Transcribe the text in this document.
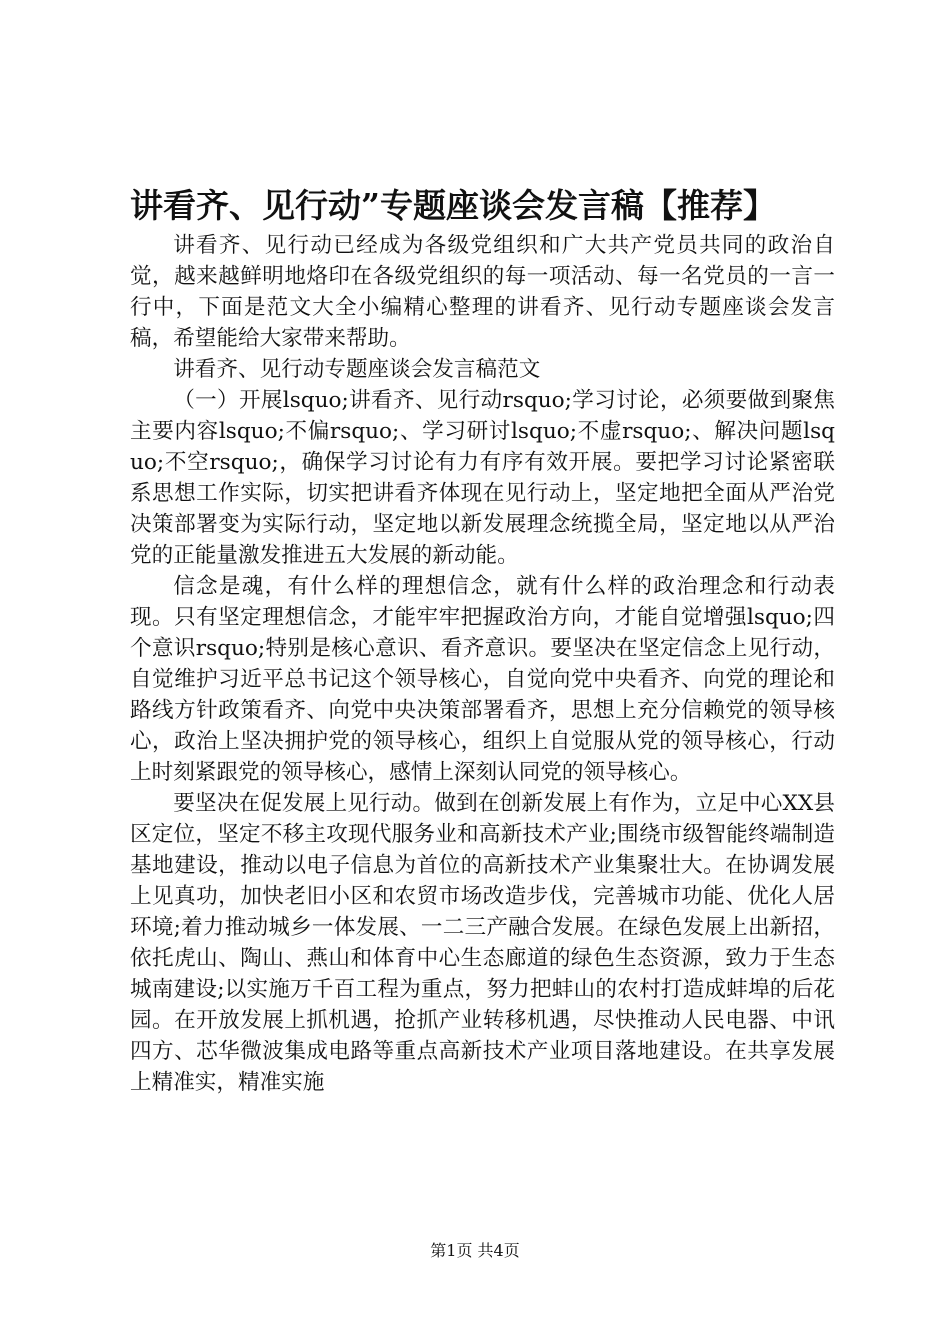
讲看齐、见行动”专题座谈会发言稿【推荐】

讲看齐、见行动已经成为各级党组织和广大共产党员共同的政治自觉，越来越鲜明地烙印在各级党组织的每一项活动、每一名党员的一言一行中，下面是范文大全小编精心整理的讲看齐、见行动专题座谈会发言稿，希望能给大家带来帮助。

讲看齐、见行动专题座谈会发言稿范文

（一）开展lsquo;讲看齐、见行动rsquo;学习讨论，必须要做到聚焦主要内容lsquo;不偏rsquo;、学习研讨lsquo;不虚rsquo;、解决问题lsquo;不空rsquo;，确保学习讨论有力有序有效开展。要把学习讨论紧密联系思想工作实际，切实把讲看齐体现在见行动上，坚定地把全面从严治党决策部署变为实际行动，坚定地以新发展理念统揽全局，坚定地以从严治党的正能量激发推进五大发展的新动能。

信念是魂，有什么样的理想信念，就有什么样的政治理念和行动表现。只有坚定理想信念，才能牢牢把握政治方向，才能自觉增强lsquo;四个意识rsquo;特别是核心意识、看齐意识。要坚决在坚定信念上见行动，自觉维护习近平总书记这个领导核心，自觉向党中央看齐、向党的理论和路线方针政策看齐、向党中央决策部署看齐，思想上充分信赖党的领导核心，政治上坚决拥护党的领导核心，组织上自觉服从党的领导核心，行动上时刻紧跟党的领导核心，感情上深刻认同党的领导核心。

要坚决在促发展上见行动。做到在创新发展上有作为，立足中心XX县区定位，坚定不移主攻现代服务业和高新技术产业;围绕市级智能终端制造基地建设，推动以电子信息为首位的高新技术产业集聚壮大。在协调发展上见真功，加快老旧小区和农贸市场改造步伐，完善城市功能、优化人居环境;着力推动城乡一体发展、一二三产融合发展。在绿色发展上出新招，依托虎山、陶山、燕山和体育中心生态廊道的绿色生态资源，致力于生态城南建设;以实施万千百工程为重点，努力把蚌山的农村打造成蚌埠的后花园。在开放发展上抓机遇，抢抓产业转移机遇，尽快推动人民电器、中讯四方、芯华微波集成电路等重点高新技术产业项目落地建设。在共享发展上精准实，精准实施

第1页 共4页
